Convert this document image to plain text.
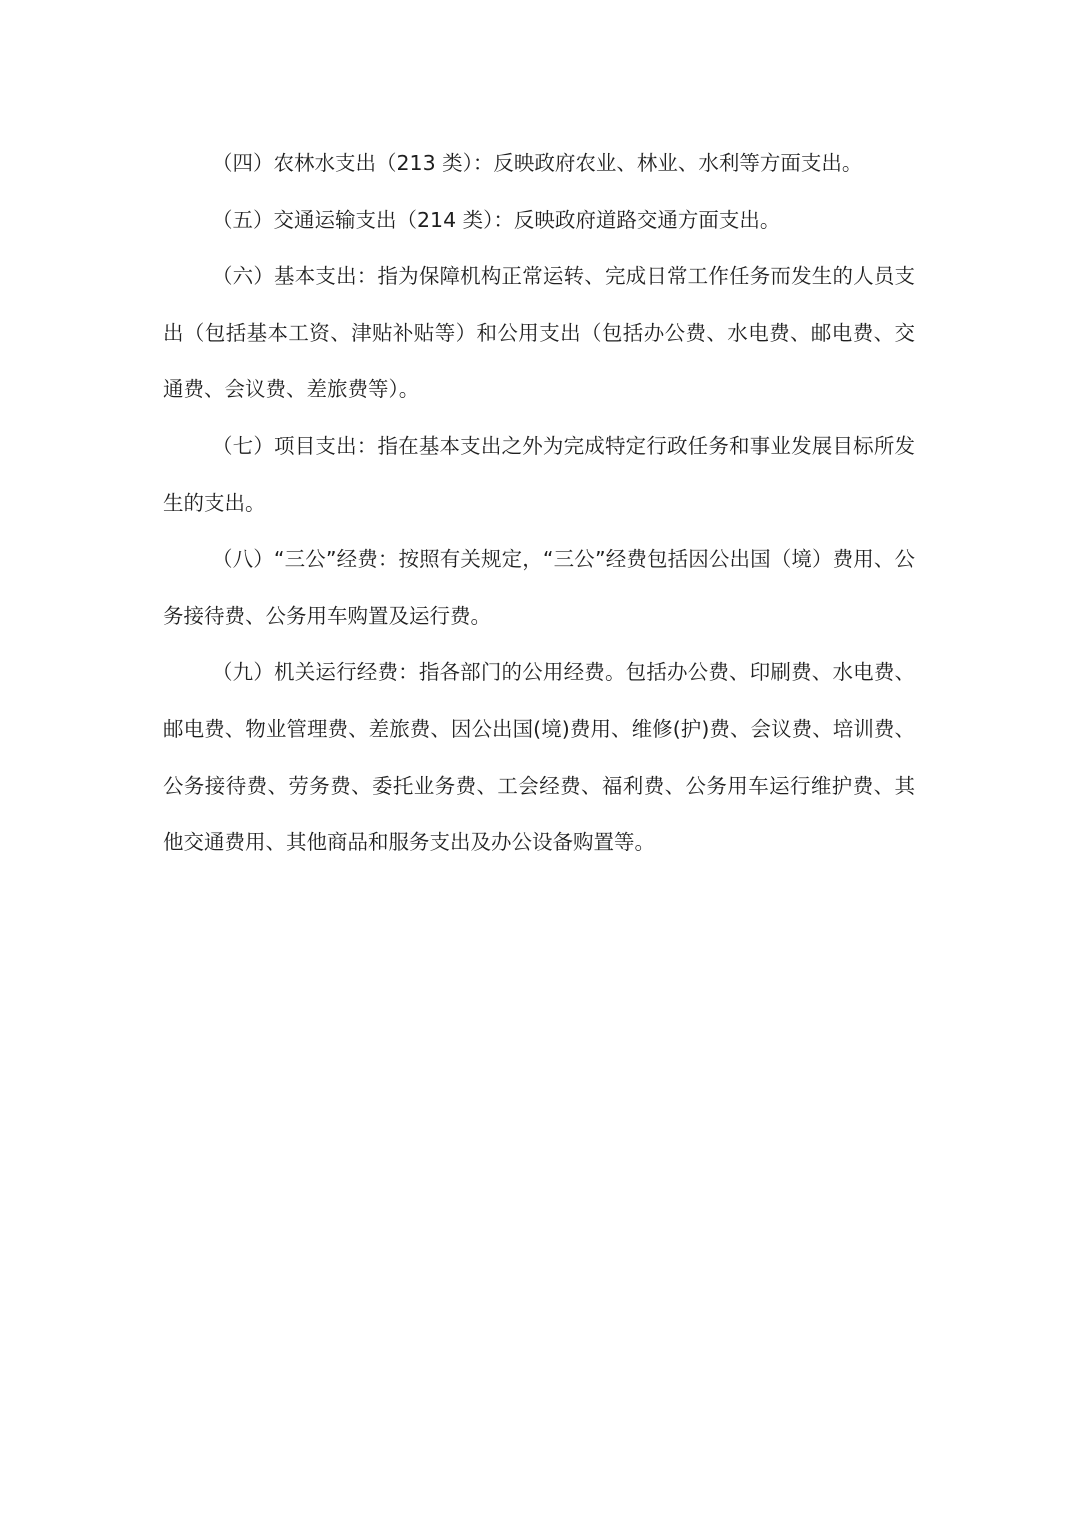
（四）农林水支出（213 类）：反映政府农业、林业、水利等方面支出。

（五）交通运输支出（214 类）：反映政府道路交通方面支出。

（六）基本支出：指为保障机构正常运转、完成日常工作任务而发生的人员支出（包括基本工资、津贴补贴等）和公用支出（包括办公费、水电费、邮电费、交通费、会议费、差旅费等）。

（七）项目支出：指在基本支出之外为完成特定行政任务和事业发展目标所发生的支出。

（八）“三公”经费：按照有关规定，“三公”经费包括因公出国（境）费用、公务接待费、公务用车购置及运行费。

（九）机关运行经费：指各部门的公用经费。包括办公费、印刷费、水电费、邮电费、物业管理费、差旅费、因公出国(境)费用、维修(护)费、会议费、培训费、公务接待费、劳务费、委托业务费、工会经费、福利费、公务用车运行维护费、其他交通费用、其他商品和服务支出及办公设备购置等。
